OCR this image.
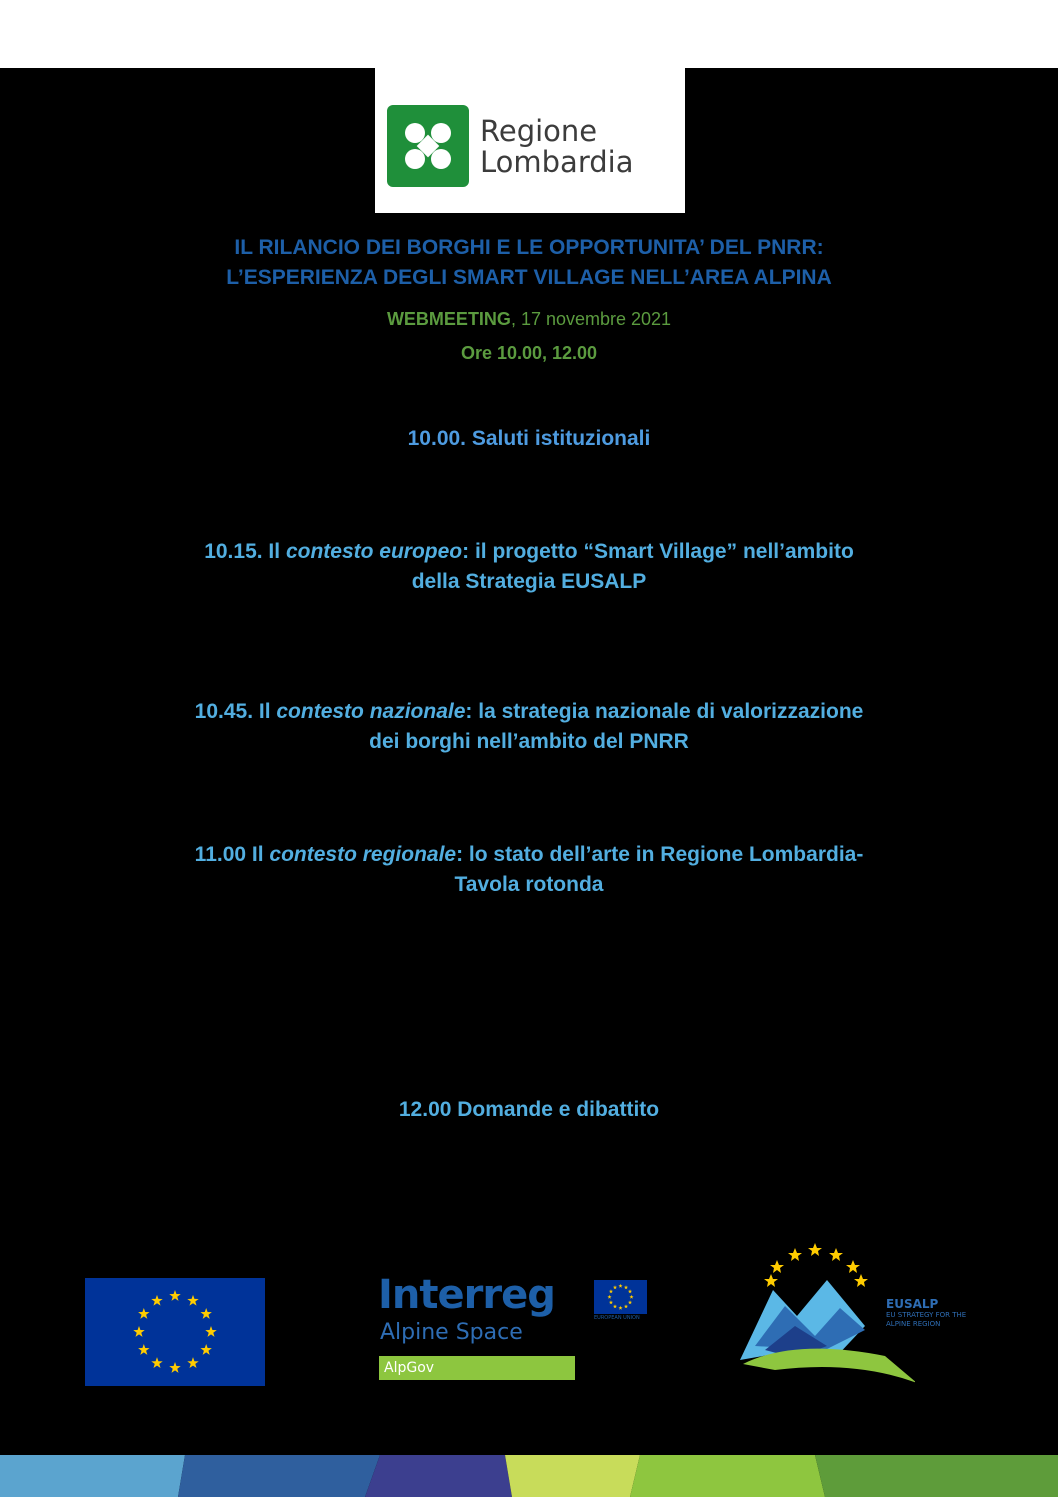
Regione
Lombardia
IL RILANCIO DEI BORGHI E LE OPPORTUNITA’ DEL PNRR:
L’ESPERIENZA DEGLI SMART VILLAGE NELL’AREA ALPINA
WEBMEETING, 17 novembre 2021
Ore 10.00, 12.00
10.00. Saluti istituzionali
10.15. Il contesto europeo: il progetto “Smart Village” nell’ambito
della Strategia EUSALP
10.45. Il contesto nazionale: la strategia nazionale di valorizzazione
dei borghi nell’ambito del PNRR
11.00 Il contesto regionale: lo stato dell’arte in Regione Lombardia-
Tavola rotonda
12.00 Domande e dibattito
Interreg
Alpine Space
AlpGov
EUROPEAN UNION
EUSALP
EU STRATEGY FOR THE ALPINE REGION
